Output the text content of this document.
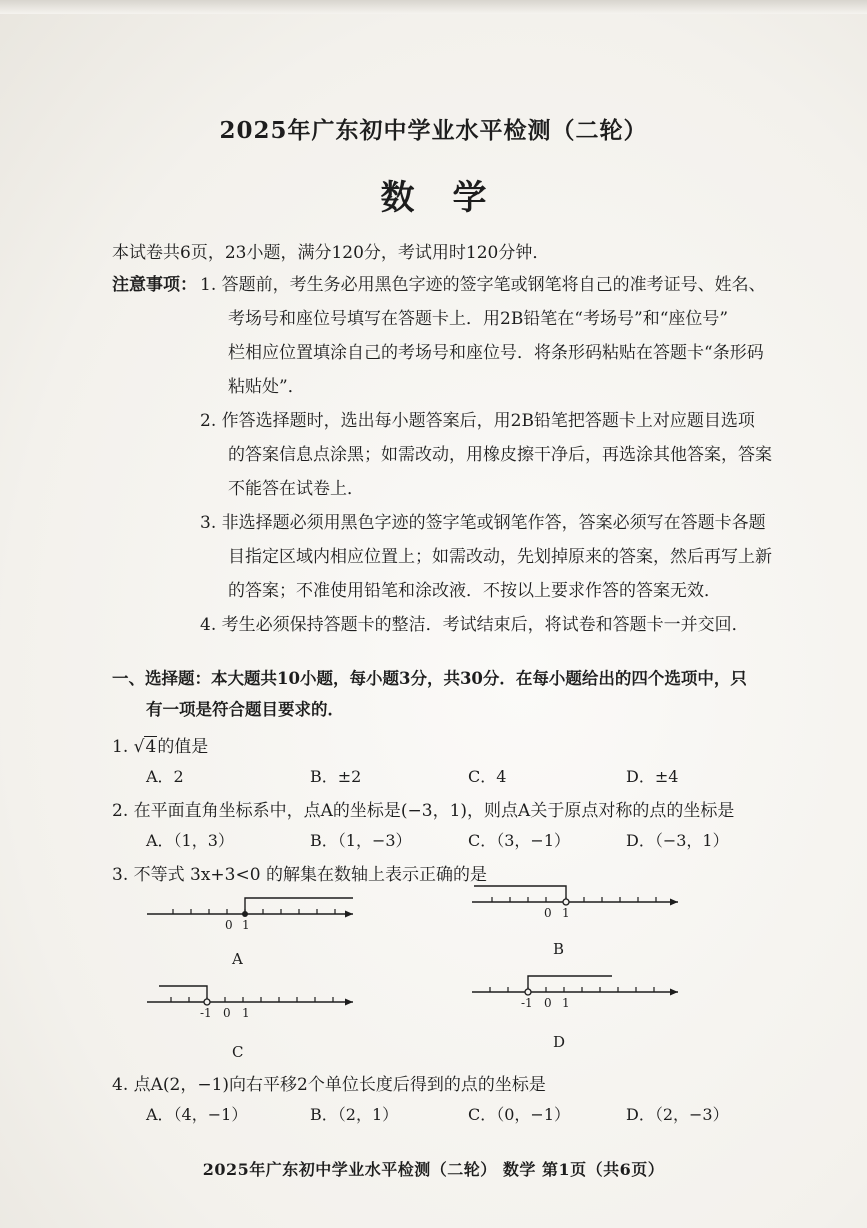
2025年广东初中学业水平检测（二轮）
数学
本试卷共6页，23小题，满分120分，考试用时120分钟．
注意事项： 1. 答题前，考生务必用黑色字迹的签字笔或钢笔将自己的准考证号、姓名、
考场号和座位号填写在答题卡上．用2B铅笔在“考场号”和“座位号”
栏相应位置填涂自己的考场号和座位号．将条形码粘贴在答题卡“条形码
粘贴处”．
2. 作答选择题时，选出每小题答案后，用2B铅笔把答题卡上对应题目选项
的答案信息点涂黑；如需改动，用橡皮擦干净后，再选涂其他答案，答案
不能答在试卷上．
3. 非选择题必须用黑色字迹的签字笔或钢笔作答，答案必须写在答题卡各题
目指定区域内相应位置上；如需改动，先划掉原来的答案，然后再写上新
的答案；不准使用铅笔和涂改液．不按以上要求作答的答案无效．
4. 考生必须保持答题卡的整洁．考试结束后，将试卷和答题卡一并交回．
一、选择题：本大题共10小题，每小题3分，共30分．在每小题给出的四个选项中，只
有一项是符合题目要求的．
1. √4的值是
A．2	B．±2	C．4	D．±4
2. 在平面直角坐标系中，点A的坐标是(−3，1)，则点A关于原点对称的点的坐标是
A．（1，3）	B．（1，−3）	C．（3，−1）	D．（−3，1）
3. 不等式 3x+3<0 的解集在数轴上表示正确的是
0 1
A
0 1
B
-1 0 1
C
-1 0 1
D
4. 点A(2，−1)向右平移2个单位长度后得到的点的坐标是
A．（4，−1）	B．（2，1）	C．（0，−1）	D．（2，−3）
2025年广东初中学业水平检测（二轮） 数学 第1页（共6页）
